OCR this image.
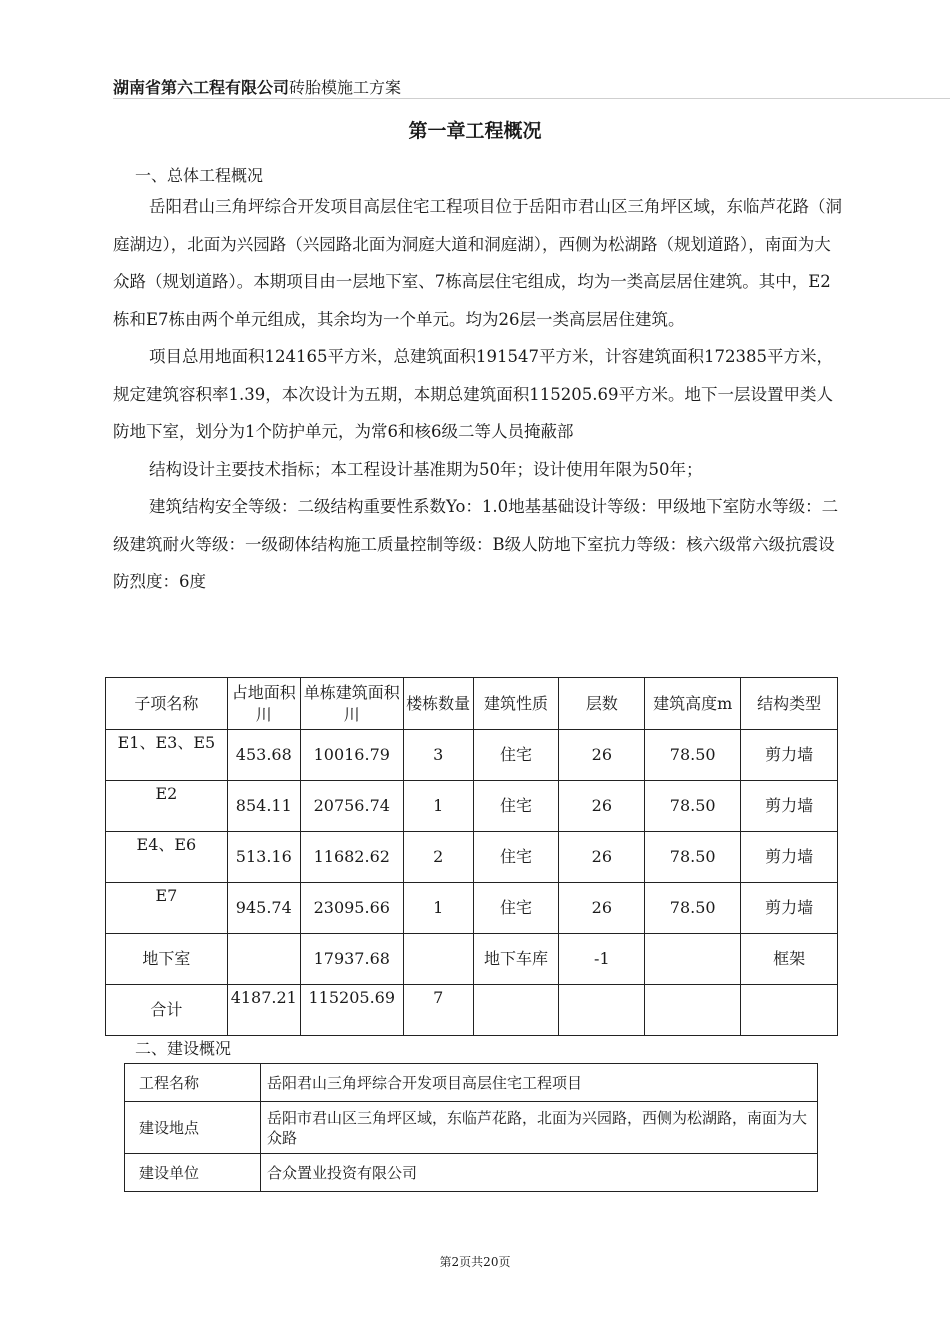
湖南省第六工程有限公司砖胎模施工方案
第一章工程概况
一、总体工程概况

岳阳君山三角坪综合开发项目高层住宅工程项目位于岳阳市君山区三角坪区域，东临芦花路（洞庭湖边），北面为兴园路（兴园路北面为洞庭大道和洞庭湖），西侧为松湖路（规划道路），南面为大众路（规划道路）。本期项目由一层地下室、7栋高层住宅组成，均为一类高层居住建筑。其中，E2栋和E7栋由两个单元组成，其余均为一个单元。均为26层一类高层居住建筑。

项目总用地面积124165平方米，总建筑面积191547平方米，计容建筑面积172385平方米，规定建筑容积率1.39，本次设计为五期，本期总建筑面积115205.69平方米。地下一层设置甲类人防地下室，划分为1个防护单元，为常6和核6级二等人员掩蔽部

结构设计主要技术指标；本工程设计基准期为50年；设计使用年限为50年；

建筑结构安全等级：二级结构重要性系数Yo：1.0地基基础设计等级：甲级地下室防水等级：二级建筑耐火等级：一级砌体结构施工质量控制等级：B级人防地下室抗力等级：核六级常六级抗震设防烈度：6度

子项名称	占地面积川	单栋建筑面积川	楼栋数量	建筑性质	层数	建筑高度m	结构类型
E1、E3、E5	453.68	10016.79	3	住宅	26	78.50	剪力墙
E2	854.11	20756.74	1	住宅	26	78.50	剪力墙
E4、E6	513.16	11682.62	2	住宅	26	78.50	剪力墙
E7	945.74	23095.66	1	住宅	26	78.50	剪力墙
地下室		17937.68		地下车库	-1		框架
合计	4187.21	115205.69	7				
二、建设概况
工程名称	岳阳君山三角坪综合开发项目高层住宅工程项目
建设地点	岳阳市君山区三角坪区域，东临芦花路，北面为兴园路，西侧为松湖路，南面为大众路
建设单位	合众置业投资有限公司
第2页共20页
